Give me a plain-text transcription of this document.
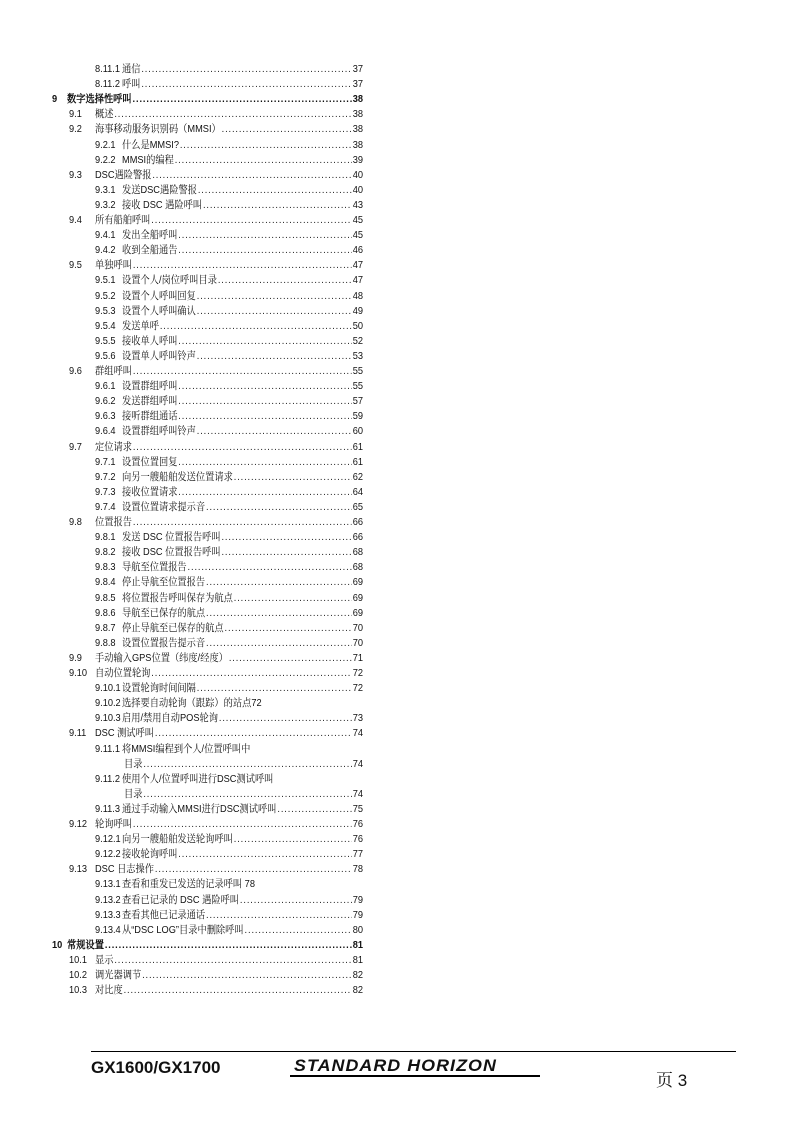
8.11.1 通信 .....	37
8.11.2 呼叫 .....	37
9 数字选择性呼叫 .....	38
9.1	概述 .....	38
9.2	海事移动服务识别码（MMSI） .....	38
9.2.1 什么是MMSI? .....	38
9.2.2 MMSI的编程 .....	39
9.3	DSC遇险警报 .....	40
9.3.1 发送DSC遇险警报 .....	40
9.3.2 接收 DSC 遇险呼叫 .....	43
9.4	所有船舶呼叫 .....	45
9.4.1 发出全船呼叫 .....	45
9.4.2 收到全船通告 .....	46
9.5	单独呼叫 .....	47
9.5.1 设置个人/岗位呼叫目录 .....	47
9.5.2 设置个人呼叫回复 .....	48
9.5.3 设置个人呼叫确认 .....	49
9.5.4 发送单呼 .....	50
9.5.5 接收单人呼叫 .....	52
9.5.6 设置单人呼叫铃声 .....	53
9.6	群组呼叫 .....	55
9.6.1 设置群组呼叫 .....	55
9.6.2 发送群组呼叫 .....	57
9.6.3 接听群组通话 .....	59
9.6.4 设置群组呼叫铃声 .....	60
9.7	定位请求 .....	61
9.7.1 设置位置回复 .....	61
9.7.2 向另一艘船舶发送位置请求 .....	62
9.7.3 接收位置请求 .....	64
9.7.4 设置位置请求提示音 .....	65
9.8	位置报告 .....	66
9.8.1 发送 DSC 位置报告呼叫 .....	66
9.8.2 接收 DSC 位置报告呼叫 .....	68
9.8.3 导航至位置报告 .....	68
9.8.4 停止导航至位置报告 .....	69
9.8.5 将位置报告呼叫保存为航点 .....	69
9.8.6 导航至已保存的航点 .....	69
9.8.7 停止导航至已保存的航点 .....	70
9.8.8 设置位置报告提示音 .....	70
9.9	手动输入GPS位置（纬度/经度） .....	71
9.10 自动位置轮询 .....	72
9.10.1 设置轮询时间间隔 .....	72
9.10.2 选择要自动轮询（跟踪）的站点72
9.10.3 启用/禁用自动POS轮询 .....	73
9.11 DSC 测试呼叫 .....	74
9.11.1 将MMSI编程到个人/位置呼叫中
目录 .....	74
9.11.2 使用个人/位置呼叫进行DSC测试呼叫
目录 .....	74
9.11.3 通过手动输入MMSI进行DSC测试呼叫 .....	75
9.12 轮询呼叫 .....	76
9.12.1 向另一艘船舶发送轮询呼叫 .....	76
9.12.2 接收轮询呼叫 .....	77
9.13 DSC 日志操作 .....	78
9.13.1 查看和重发已发送的记录呼叫 78
9.13.2 查看已记录的 DSC 遇险呼叫 .....	79
9.13.3 查看其他已记录通话 .....	79
9.13.4 从“DSC LOG”目录中删除呼叫 .....	80
10 常规设置 .....	81
10.1 显示 .....	81
10.2 调光器调节 .....	82
10.3 对比度 .....	82
GX1600/GX1700	STANDARD HORIZON
页 3
